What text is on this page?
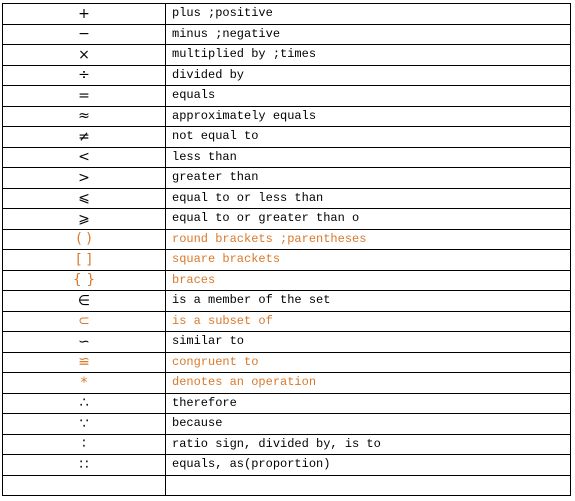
+	plus ;positive
−	minus ;negative
×	multiplied by ;times
÷	divided by
=	equals
≈	approximately equals
≠	not equal to
<	less than
>	greater than
⩽	equal to or less than
⩾	equal to or greater than o
( )	round brackets ;parentheses
[ ]	square brackets
{ }	braces
∈	is a member of the set
⊂	is a subset of
∽	similar to
≌	congruent to
*	denotes an operation
∴	therefore
∵	because
∶	ratio sign, divided by, is to
∷	equals, as(proportion)
